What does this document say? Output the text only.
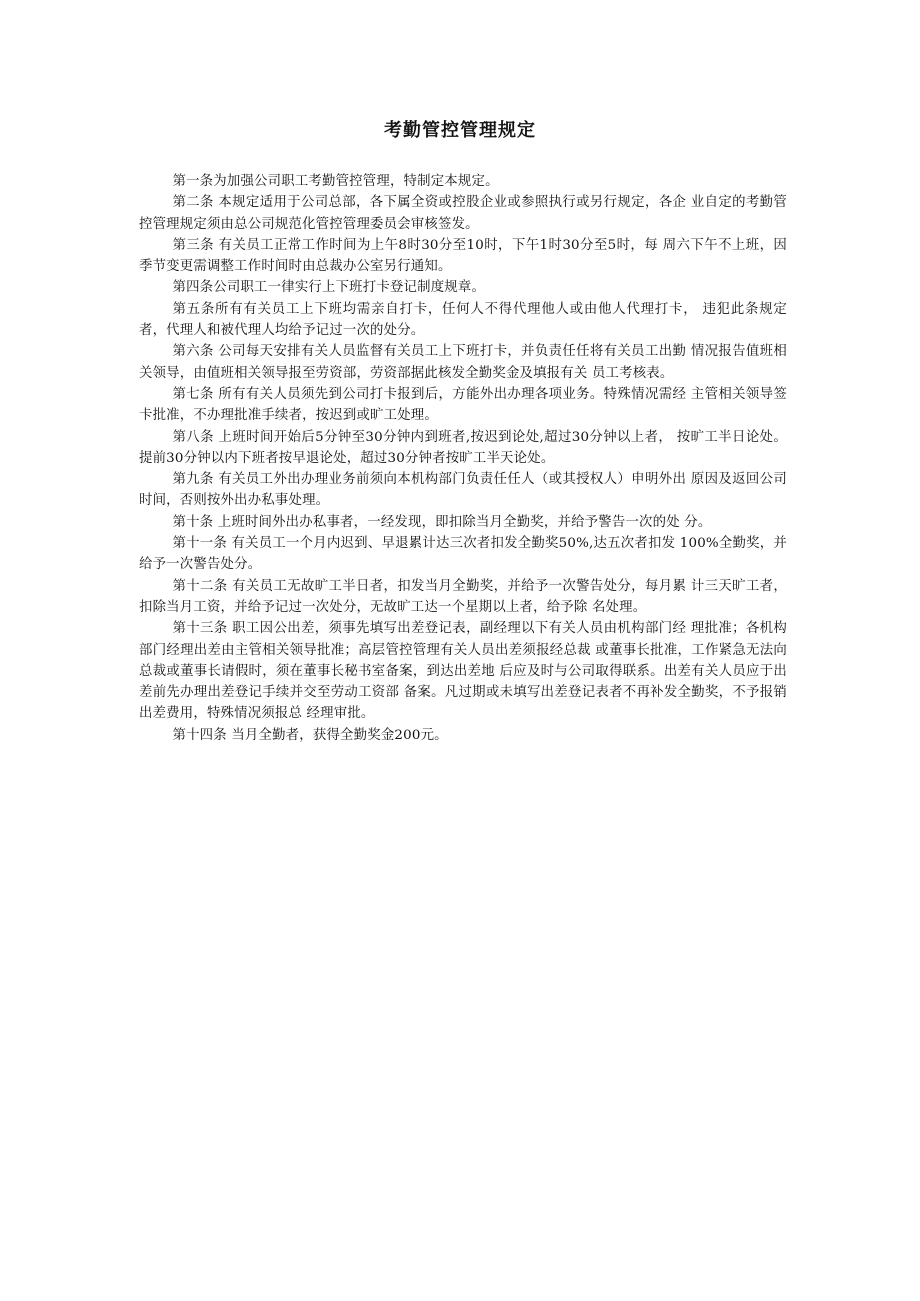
考勤管控管理规定

第一条为加强公司职工考勤管控管理，特制定本规定。

第二条 本规定适用于公司总部，各下属全资或控股企业或参照执行或另行规定，各企 业自定的考勤管控管理规定须由总公司规范化管控管理委员会审核签发。

第三条 有关员工正常工作时间为上午8时30分至10时，下午1时30分至5时，每 周六下午不上班，因季节变更需调整工作时间时由总裁办公室另行通知。

第四条公司职工一律实行上下班打卡登记制度规章。

第五条所有有关员工上下班均需亲自打卡，任何人不得代理他人或由他人代理打卡， 违犯此条规定者，代理人和被代理人均给予记过一次的处分。

第六条 公司每天安排有关人员监督有关员工上下班打卡，并负责任任将有关员工出勤 情况报告值班相关领导，由值班相关领导报至劳资部，劳资部据此核发全勤奖金及填报有关 员工考核表。

第七条 所有有关人员须先到公司打卡报到后，方能外出办理各项业务。特殊情况需经 主管相关领导签卡批准，不办理批准手续者，按迟到或旷工处理。

第八条 上班时间开始后5分钟至30分钟内到班者,按迟到论处,超过30分钟以上者， 按旷工半日论处。提前30分钟以内下班者按早退论处，超过30分钟者按旷工半天论处。

第九条 有关员工外出办理业务前须向本机构部门负责任任人（或其授权人）申明外出 原因及返回公司时间，否则按外出办私事处理。

第十条 上班时间外出办私事者，一经发现，即扣除当月全勤奖，并给予警告一次的处 分。

第十一条 有关员工一个月内迟到、早退累计达三次者扣发全勤奖50%,达五次者扣发 100%全勤奖，并给予一次警告处分。

第十二条 有关员工无故旷工半日者，扣发当月全勤奖，并给予一次警告处分，每月累 计三天旷工者，扣除当月工资，并给予记过一次处分，无故旷工达一个星期以上者，给予除 名处理。

第十三条 职工因公出差，须事先填写出差登记表，副经理以下有关人员由机构部门经 理批准；各机构部门经理出差由主管相关领导批准；高层管控管理有关人员出差须报经总裁 或董事长批准，工作紧急无法向总裁或董事长请假时，须在董事长秘书室备案，到达出差地 后应及时与公司取得联系。出差有关人员应于出差前先办理出差登记手续并交至劳动工资部 备案。凡过期或未填写出差登记表者不再补发全勤奖，不予报销出差费用，特殊情况须报总 经理审批。

第十四条 当月全勤者，获得全勤奖金200元。
